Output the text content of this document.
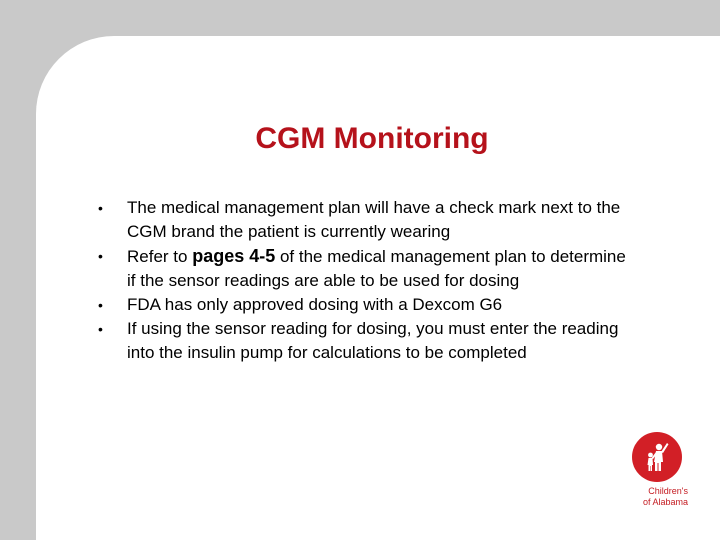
CGM Monitoring
• The medical management plan will have a check mark next to the CGM brand the patient is currently wearing
• Refer to pages 4-5 of the medical management plan to determine if the sensor readings are able to be used for dosing
• FDA has only approved dosing with a Dexcom G6
• If using the sensor reading for dosing, you must enter the reading into the insulin pump for calculations to be completed
Children's
of Alabama
